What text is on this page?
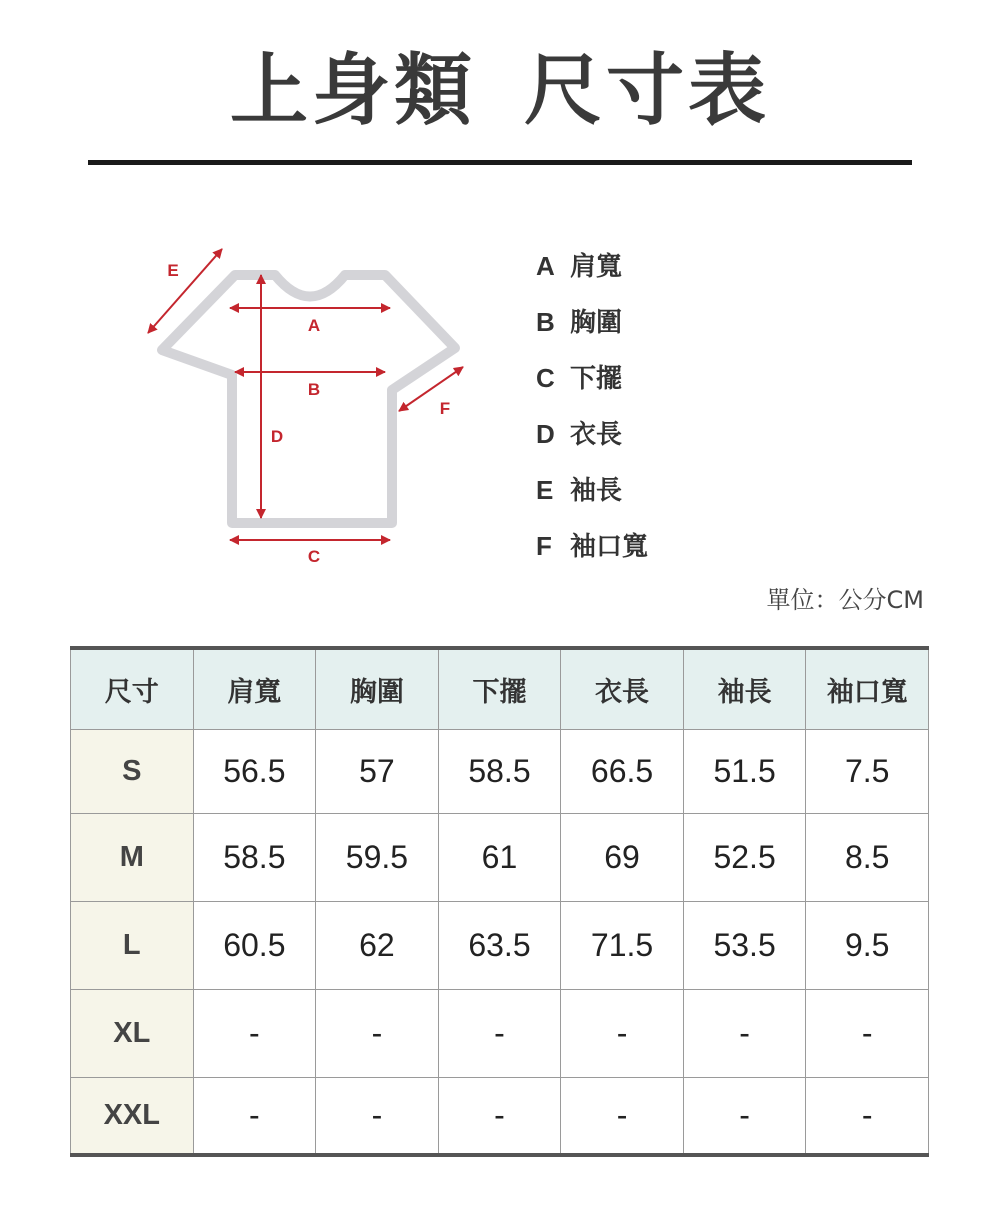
上身類 尺寸表
A
B
C
D
E
F
A 肩寬
B 胸圍
C 下擺
D 衣長
E 袖長
F 袖口寬
單位：公分CM
尺寸	肩寬	胸圍	下擺	衣長	袖長	袖口寬
S	56.5	57	58.5	66.5	51.5	7.5
M	58.5	59.5	61	69	52.5	8.5
L	60.5	62	63.5	71.5	53.5	9.5
XL	-	-	-	-	-	-
XXL	-	-	-	-	-	-
